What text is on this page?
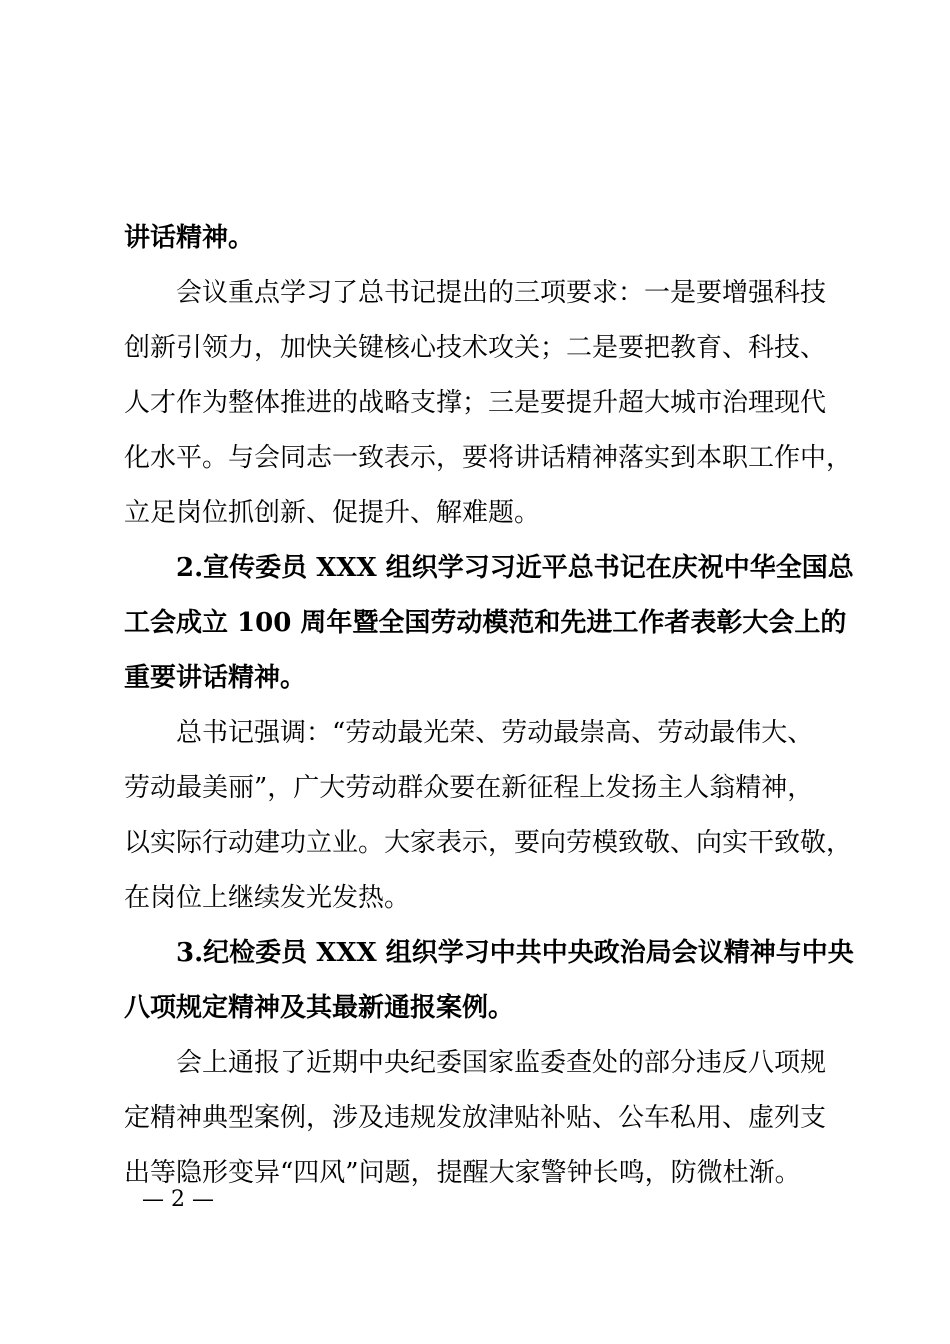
讲话精神。
会议重点学习了总书记提出的三项要求：一是要增强科技
创新引领力，加快关键核心技术攻关；二是要把教育、科技、
人才作为整体推进的战略支撑；三是要提升超大城市治理现代
化水平。与会同志一致表示，要将讲话精神落实到本职工作中，
立足岗位抓创新、促提升、解难题。
2.宣传委员 XXX 组织学习习近平总书记在庆祝中华全国总
工会成立 100 周年暨全国劳动模范和先进工作者表彰大会上的
重要讲话精神。
总书记强调：“劳动最光荣、劳动最崇高、劳动最伟大、
劳动最美丽”，广大劳动群众要在新征程上发扬主人翁精神，
以实际行动建功立业。大家表示，要向劳模致敬、向实干致敬，
在岗位上继续发光发热。
3.纪检委员 XXX 组织学习中共中央政治局会议精神与中央
八项规定精神及其最新通报案例。
会上通报了近期中央纪委国家监委查处的部分违反八项规
定精神典型案例，涉及违规发放津贴补贴、公车私用、虚列支
出等隐形变异“四风”问题，提醒大家警钟长鸣，防微杜渐。
— 2 —
